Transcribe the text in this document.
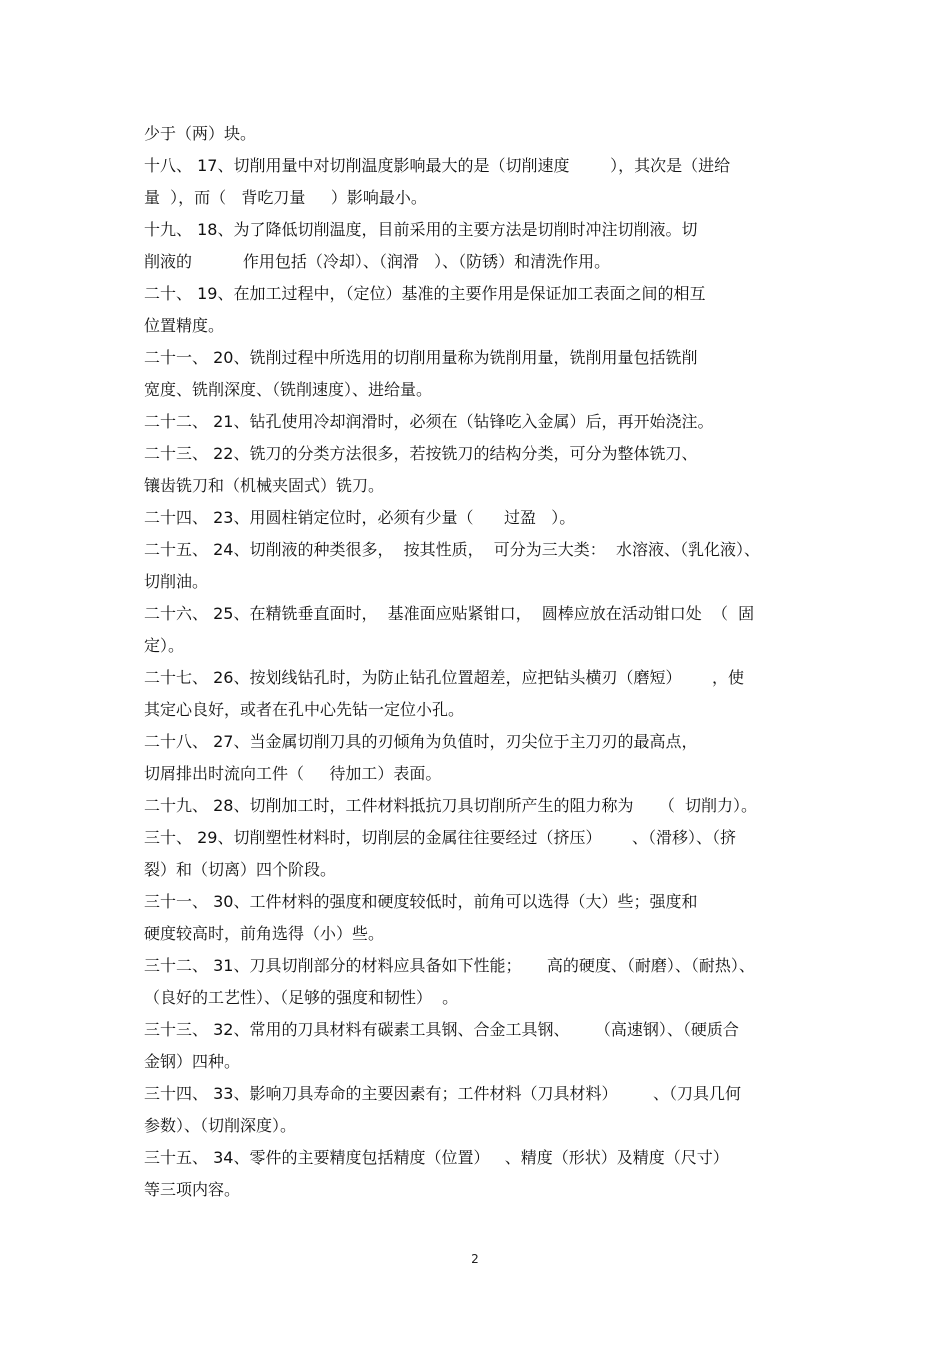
少于（两）块。
十八、 17、切削用量中对切削温度影响最大的是（切削速度        ），其次是（进给
量  ），而（   背吃刀量     ）影响最小。
十九、 18、为了降低切削温度，目前采用的主要方法是切削时冲注切削液。切
削液的          作用包括（冷却）、（润滑   ）、（防锈）和清洗作用。
二十、 19、在加工过程中，（定位）基准的主要作用是保证加工表面之间的相互
位置精度。
二十一、 20、铣削过程中所选用的切削用量称为铣削用量，铣削用量包括铣削
宽度、铣削深度、（铣削速度）、进给量。
二十二、 21、钻孔使用冷却润滑时，必须在（钻锋吃入金属）后，再开始浇注。
二十三、 22、铣刀的分类方法很多，若按铣刀的结构分类，可分为整体铣刀、
镶齿铣刀和（机械夹固式）铣刀。
二十四、 23、用圆柱销定位时，必须有少量（      过盈   ）。
二十五、 24、切削液的种类很多，  按其性质，  可分为三大类：  水溶液、（乳化液）、
切削油。
二十六、 25、在精铣垂直面时，  基准面应贴紧钳口，  圆棒应放在活动钳口处  （  固
定）。
二十七、 26、按划线钻孔时，为防止钻孔位置超差，应把钻头横刃（磨短）      ，使
其定心良好，或者在孔中心先钻一定位小孔。
二十八、 27、当金属切削刀具的刃倾角为负值时，刃尖位于主刀刃的最高点，
切屑排出时流向工件（     待加工）表面。
二十九、 28、切削加工时，工件材料抵抗刀具切削所产生的阻力称为     （  切削力）。
三十、 29、切削塑性材料时，切削层的金属往往要经过（挤压）      、（滑移）、（挤
裂）和（切离）四个阶段。
三十一、 30、工件材料的强度和硬度较低时，前角可以选得（大）些；强度和
硬度较高时，前角选得（小）些。
三十二、 31、刀具切削部分的材料应具备如下性能；     高的硬度、（耐磨）、（耐热）、
（良好的工艺性）、（足够的强度和韧性）  。
三十三、 32、常用的刀具材料有碳素工具钢、合金工具钢、     （高速钢）、（硬质合
金钢）四种。
三十四、 33、影响刀具寿命的主要因素有；工件材料（刀具材料）       、（刀具几何
参数）、（切削深度）。
三十五、 34、零件的主要精度包括精度（位置）   、精度（形状）及精度（尺寸）
等三项内容。
2
